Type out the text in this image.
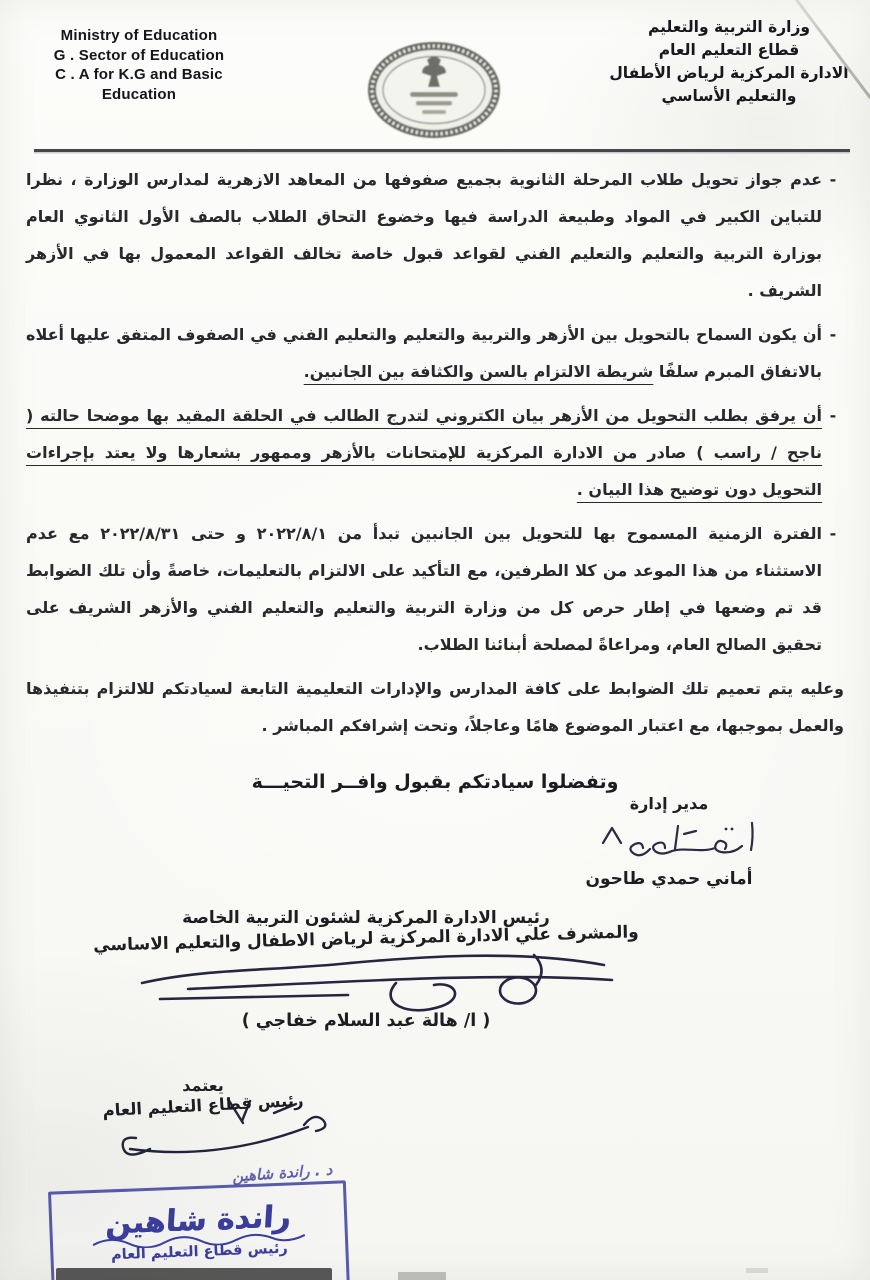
Ministry of Education
G . Sector of Education
C . A for K.G and Basic
Education
وزارة التربية والتعليم
قطاع التعليم العام
الادارة المركزية لرياض الأطفال
والتعليم الأساسي
-
عدم جواز تحويل طلاب المرحلة الثانوية بجميع صفوفها من المعاهد الازهرية لمدارس الوزارة ، نظرا للتباين الكبير في المواد وطبيعة الدراسة فيها وخضوع التحاق الطلاب بالصف الأول الثانوي العام بوزارة التربية والتعليم والتعليم الفني لقواعد قبول خاصة تخالف القواعد المعمول بها في الأزهر الشريف .
-
أن يكون السماح بالتحويل بين الأزهر والتربية والتعليم والتعليم الفني في الصفوف المتفق عليها أعلاه بالاتفاق المبرم سلفًا شريطة الالتزام بالسن والكثافة بين الجانبين.
-
أن يرفق بطلب التحويل من الأزهر بيان الكتروني لتدرج الطالب في الحلقة المقيد بها موضحا حالته ( ناجح / راسب ) صادر من الادارة المركزية للإمتحانات بالأزهر وممهور بشعارها ولا يعتد بإجراءات التحويل دون توضيح هذا البيان .
-
الفترة الزمنية المسموح بها للتحويل بين الجانبين تبدأ من ٢٠٢٢/٨/١ و حتى ٢٠٢٢/٨/٣١ مع عدم الاستثناء من هذا الموعد من كلا الطرفين، مع التأكيد على الالتزام بالتعليمات، خاصةً وأن تلك الضوابط قد تم وضعها في إطار حرص كل من وزارة التربية والتعليم والتعليم الفني والأزهر الشريف على تحقيق الصالح العام، ومراعاةً لمصلحة أبنائنا الطلاب.
وعليه يتم تعميم تلك الضوابط على كافة المدارس والإدارات التعليمية التابعة لسيادتكم للالتزام بتنفيذها والعمل بموجبها، مع اعتبار الموضوع هامًا وعاجلاً، وتحت إشرافكم المباشر .
وتفضلوا سيادتكم بقبول وافــر التحيـــة
مدير إدارة
أماني حمدي طاحون
رئيس الادارة المركزية لشئون التربية الخاصة
والمشرف علي الادارة المركزية لرياض الاطفال والتعليم الاساسي
( ا/ هالة عبد السلام خفاجي )
يعتمد
رئيس قطاع التعليم العام
د . راندة شاهين
راندة شاهين
رئيس قطاع التعليم العام
